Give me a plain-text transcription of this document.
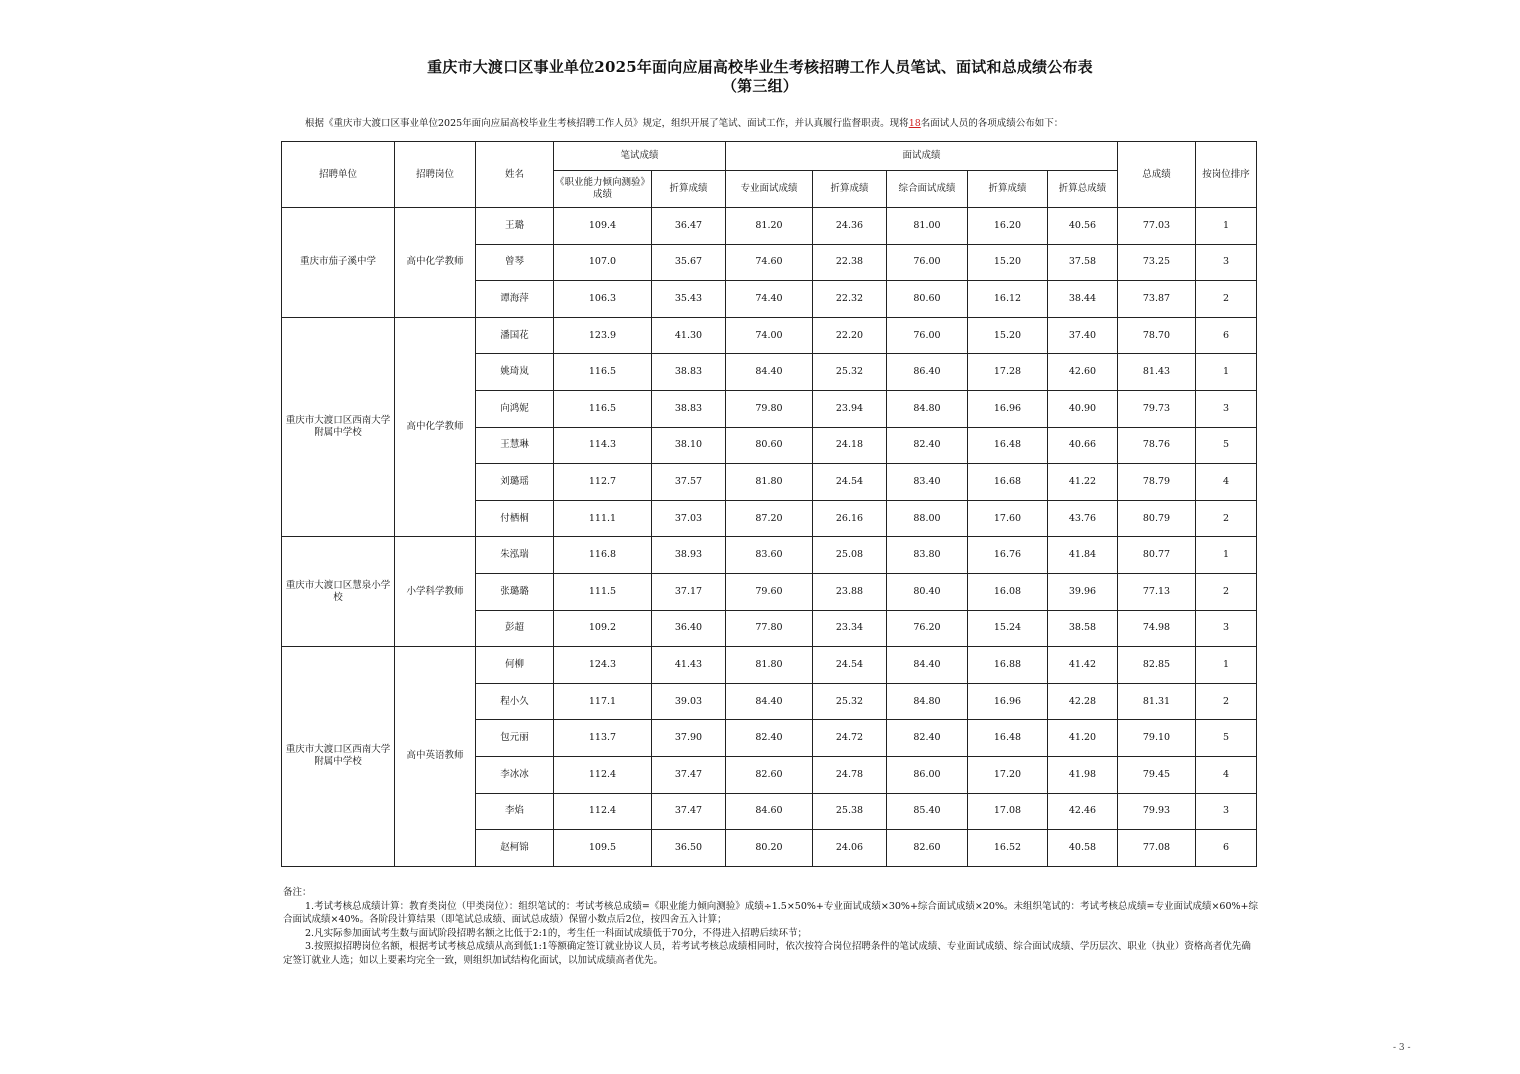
重庆市大渡口区事业单位2025年面向应届高校毕业生考核招聘工作人员笔试、面试和总成绩公布表
（第三组）
根据《重庆市大渡口区事业单位2025年面向应届高校毕业生考核招聘工作人员》规定，组织开展了笔试、面试工作，并认真履行监督职责。现将18名面试人员的各项成绩公布如下：
招聘单位	招聘岗位	姓名	笔试成绩		面试成绩					总成绩	按岗位排序
			《职业能力倾向测验》成绩	折算成绩	专业面试成绩	折算成绩	综合面试成绩	折算成绩	折算总成绩		
重庆市茄子溪中学	高中化学教师	王璐	109.4	36.47	81.20	24.36	81.00	16.20	40.56	77.03	1
		曾琴	107.0	35.67	74.60	22.38	76.00	15.20	37.58	73.25	3
		谭海萍	106.3	35.43	74.40	22.32	80.60	16.12	38.44	73.87	2
重庆市大渡口区西南大学附属中学校	高中化学教师	潘国花	123.9	41.30	74.00	22.20	76.00	15.20	37.40	78.70	6
		姚琦岚	116.5	38.83	84.40	25.32	86.40	17.28	42.60	81.43	1
		向鸿妮	116.5	38.83	79.80	23.94	84.80	16.96	40.90	79.73	3
		王慧琳	114.3	38.10	80.60	24.18	82.40	16.48	40.66	78.76	5
		刘璐瑶	112.7	37.57	81.80	24.54	83.40	16.68	41.22	78.79	4
		付栖桐	111.1	37.03	87.20	26.16	88.00	17.60	43.76	80.79	2
重庆市大渡口区慧泉小学校	小学科学教师	朱泓瑞	116.8	38.93	83.60	25.08	83.80	16.76	41.84	80.77	1
		张璐璐	111.5	37.17	79.60	23.88	80.40	16.08	39.96	77.13	2
		彭超	109.2	36.40	77.80	23.34	76.20	15.24	38.58	74.98	3
重庆市大渡口区西南大学附属中学校	高中英语教师	何柳	124.3	41.43	81.80	24.54	84.40	16.88	41.42	82.85	1
		程小久	117.1	39.03	84.40	25.32	84.80	16.96	42.28	81.31	2
		包元丽	113.7	37.90	82.40	24.72	82.40	16.48	41.20	79.10	5
		李冰冰	112.4	37.47	82.60	24.78	86.00	17.20	41.98	79.45	4
		李焰	112.4	37.47	84.60	25.38	85.40	17.08	42.46	79.93	3
		赵柯锦	109.5	36.50	80.20	24.06	82.60	16.52	40.58	77.08	6

备注：

1.考试考核总成绩计算：教育类岗位（甲类岗位）：组织笔试的：考试考核总成绩=《职业能力倾向测验》成绩÷1.5×50%+专业面试成绩×30%+综合面试成绩×20%。未组织笔试的：考试考核总成绩=专业面试成绩×60%+综合面试成绩×40%。各阶段计算结果（即笔试总成绩、面试总成绩）保留小数点后2位，按四舍五入计算；

2.凡实际参加面试考生数与面试阶段招聘名额之比低于2:1的，考生任一科面试成绩低于70分，不得进入招聘后续环节；

3.按照拟招聘岗位名额，根据考试考核总成绩从高到低1:1等额确定签订就业协议人员，若考试考核总成绩相同时，依次按符合岗位招聘条件的笔试成绩、专业面试成绩、综合面试成绩、学历层次、职业（执业）资格高者优先确定签订就业人选；如以上要素均完全一致，则组织加试结构化面试，以加试成绩高者优先。

- 3 -
